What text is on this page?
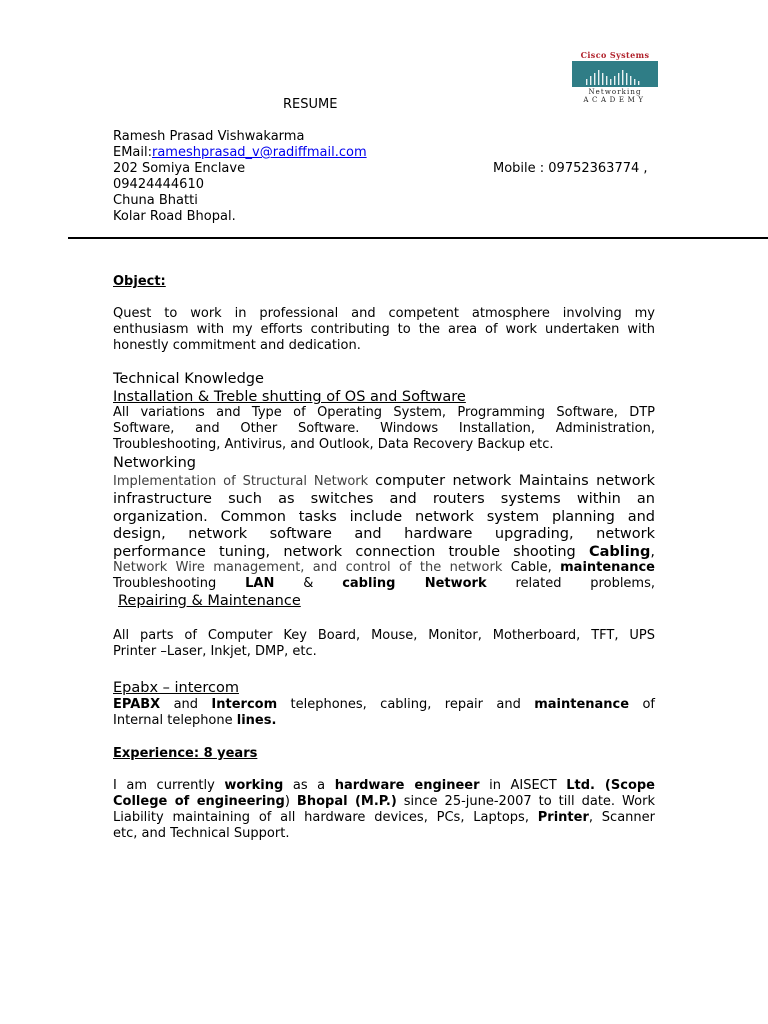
Cisco Systems
Networking
ACADEMY
RESUME
Ramesh Prasad Vishwakarma
EMail:rameshprasad_v@radiffmail.com
202 Somiya Enclave	Mobile : 09752363774 ,
09424444610
Chuna Bhatti
Kolar Road Bhopal.
Object:
Quest to work in professional and competent atmosphere involving my
enthusiasm with my efforts contributing to the area of work undertaken with
honestly commitment and dedication.
Technical Knowledge
Installation & Treble shutting of OS and Software
All variations and Type of Operating System, Programming Software, DTP
Software, and Other Software. Windows Installation, Administration,
Troubleshooting, Antivirus, and Outlook, Data Recovery Backup etc.
Networking
Implementation of Structural Network computer network Maintains network
infrastructure such as switches and routers systems within an
organization. Common tasks include network system planning and
design, network software and hardware upgrading, network
performance tuning, network connection trouble shooting Cabling,
Network Wire management, and control of the network Cable, maintenance
Troubleshooting LAN & cabling Network related problems,
Repairing & Maintenance
All parts of Computer Key Board, Mouse, Monitor, Motherboard, TFT, UPS
Printer –Laser, Inkjet, DMP, etc.
Epabx – intercom
EPABX and Intercom telephones, cabling, repair and maintenance of
Internal telephone lines.
Experience: 8 years
I am currently working as a hardware engineer in AISECT Ltd. (Scope
College of engineering) Bhopal (M.P.) since 25-june-2007 to till date. Work
Liability maintaining of all hardware devices, PCs, Laptops, Printer, Scanner
etc, and Technical Support.
